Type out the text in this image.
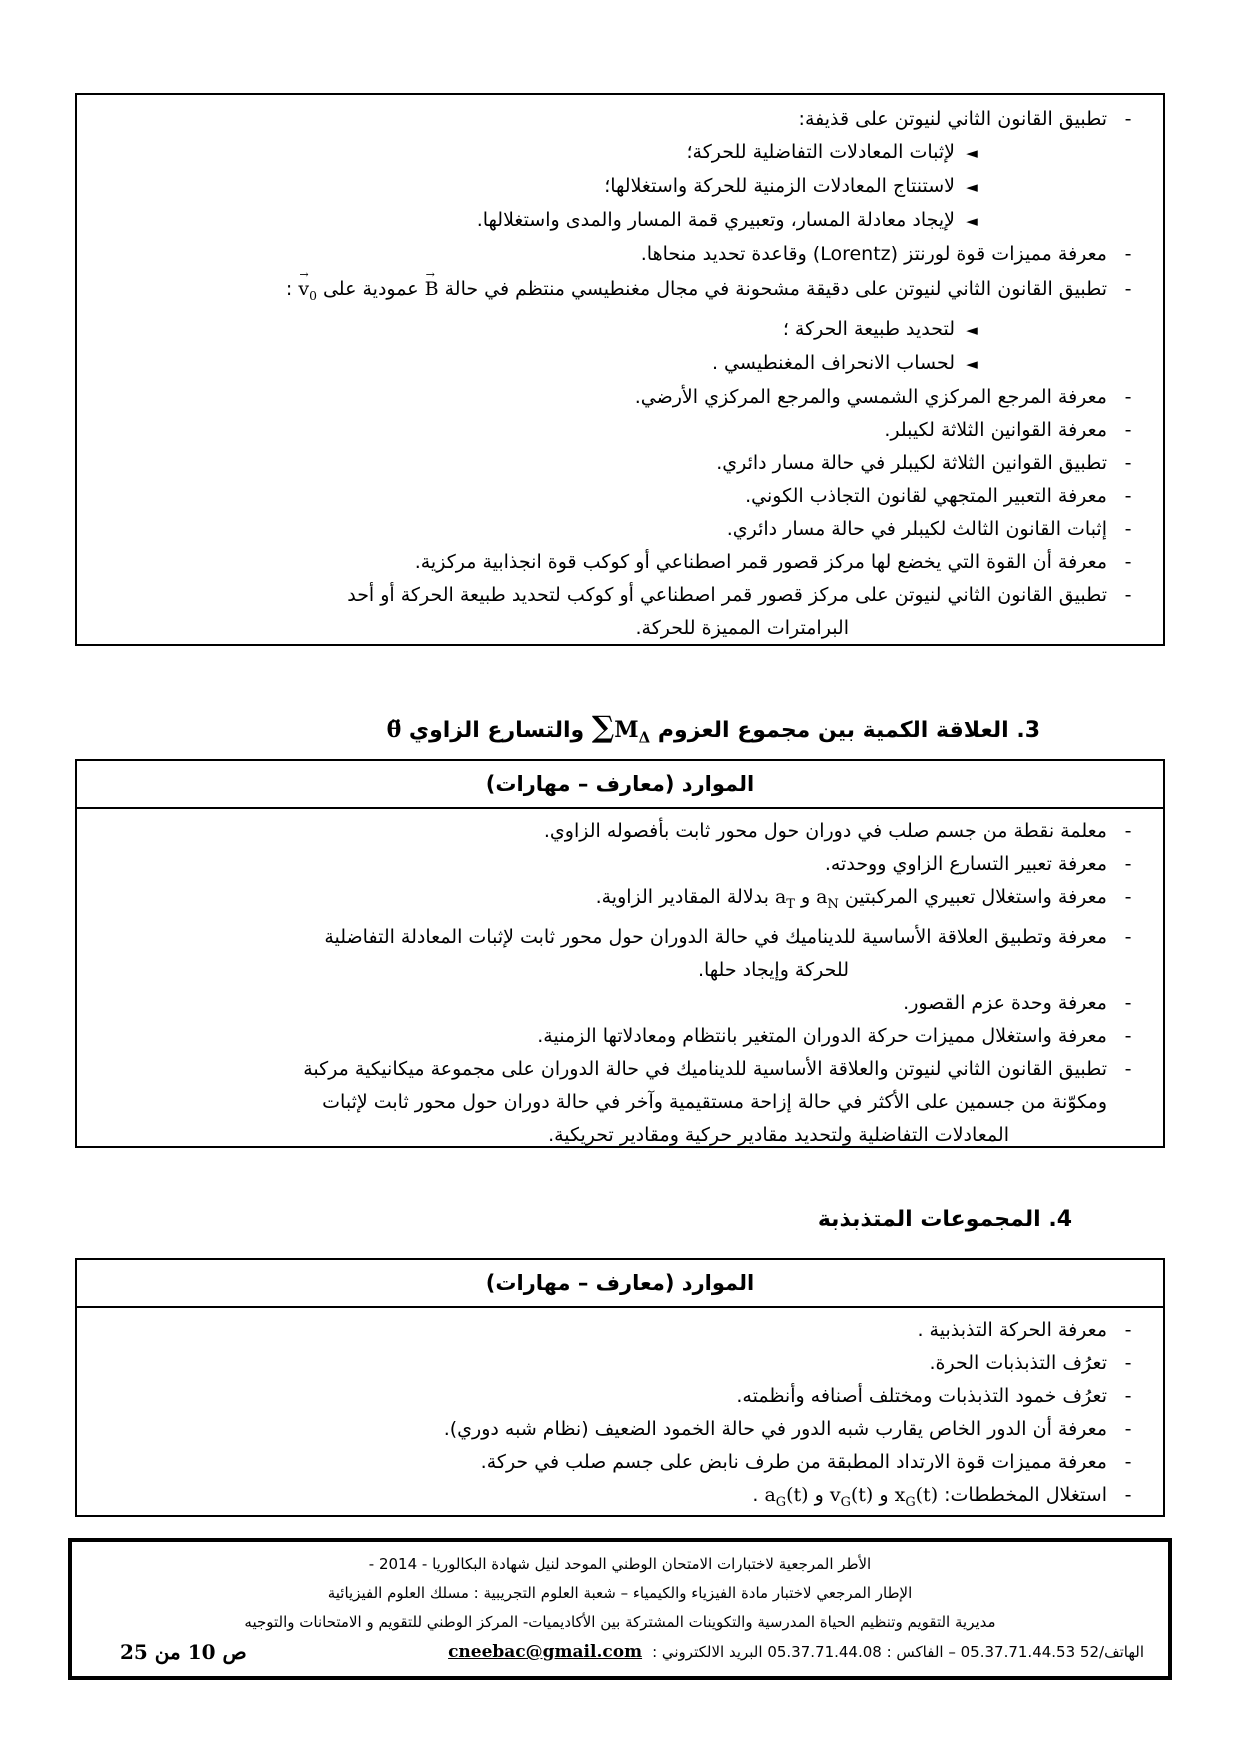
-
تطبيق القانون الثاني لنيوتن على قذيفة:
◄
لإثبات المعادلات التفاضلية للحركة؛
◄
لاستنتاج المعادلات الزمنية للحركة واستغلالها؛
◄
لإيجاد معادلة المسار، وتعبيري قمة المسار والمدى واستغلالها.
-
معرفة مميزات قوة لورنتز (Lorentz) وقاعدة تحديد منحاها.
-
تطبيق القانون الثاني لنيوتن على دقيقة مشحونة في مجال مغنطيسي منتظم في حالة
→
B عمودية على
→
$v_0$ :
◄
لتحديد طبيعة الحركة ؛
◄
لحساب الانحراف المغنطيسي .
-
معرفة المرجع المركزي الشمسي والمرجع المركزي الأرضي.
-
معرفة القوانين الثلاثة لكيبلر.
-
تطبيق القوانين الثلاثة لكيبلر في حالة مسار دائري.
-
معرفة التعبير المتجهي لقانون التجاذب الكوني.
-
إثبات القانون الثالث لكيبلر في حالة مسار دائري.
-
معرفة أن القوة التي يخضع لها مركز قصور قمر اصطناعي أو كوكب قوة انجذابية مركزية.
-
تطبيق القانون الثاني لنيوتن على مركز قصور قمر اصطناعي أو كوكب لتحديد طبيعة الحركة أو أحد
البرامترات المميزة للحركة.
3. العلاقة الكمية بين مجموع العزوم $\sum M_\Delta$ والتسارع الزاوي θ̈
الموارد (معارف – مهارات)
-
معلمة نقطة من جسم صلب في دوران حول محور ثابت بأفصوله الزاوي.
-
معرفة تعبير التسارع الزاوي ووحدته.
-
معرفة واستغلال تعبيري المركبتين $a_N$ و $a_T$ بدلالة المقادير الزاوية.
-
معرفة وتطبيق العلاقة الأساسية للديناميك في حالة الدوران حول محور ثابت لإثبات المعادلة التفاضلية
للحركة وإيجاد حلها.
-
معرفة وحدة عزم القصور.
-
معرفة واستغلال مميزات حركة الدوران المتغير بانتظام ومعادلاتها الزمنية.
-
تطبيق القانون الثاني لنيوتن والعلاقة الأساسية للديناميك في حالة الدوران على مجموعة ميكانيكية مركبة
ومكوّنة من جسمين على الأكثر في حالة إزاحة مستقيمية وآخر في حالة دوران حول محور ثابت لإثبات
المعادلات التفاضلية ولتحديد مقادير حركية ومقادير تحريكية.
4. المجموعات المتذبذبة
الموارد (معارف – مهارات)
-
معرفة الحركة التذبذبية .
-
تعرُف التذبذبات الحرة.
-
تعرُف خمود التذبذبات ومختلف أصنافه وأنظمته.
-
معرفة أن الدور الخاص يقارب شبه الدور في حالة الخمود الضعيف (نظام شبه دوري).
-
معرفة مميزات قوة الارتداد المطبقة من طرف نابض على جسم صلب في حركة.
-
استغلال المخططات: $x_G(t)$ و $v_G(t)$ و $a_G(t)$ .
الأطر المرجعية لاختبارات الامتحان الوطني الموحد لنيل شهادة البكالوريا - 2014 -
الإطار المرجعي لاختبار مادة الفيزياء والكيمياء – شعبة العلوم التجريبية : مسلك العلوم الفيزيائية
مديرية التقويم وتنظيم الحياة المدرسية والتكوينات المشتركة بين الأكاديميات- المركز الوطني للتقويم و الامتحانات والتوجيه
الهاتف/52 05.37.71.44.53 – الفاكس : 05.37.71.44.08 البريد الالكتروني :
cneebac@gmail.com
ص 10 من 25
